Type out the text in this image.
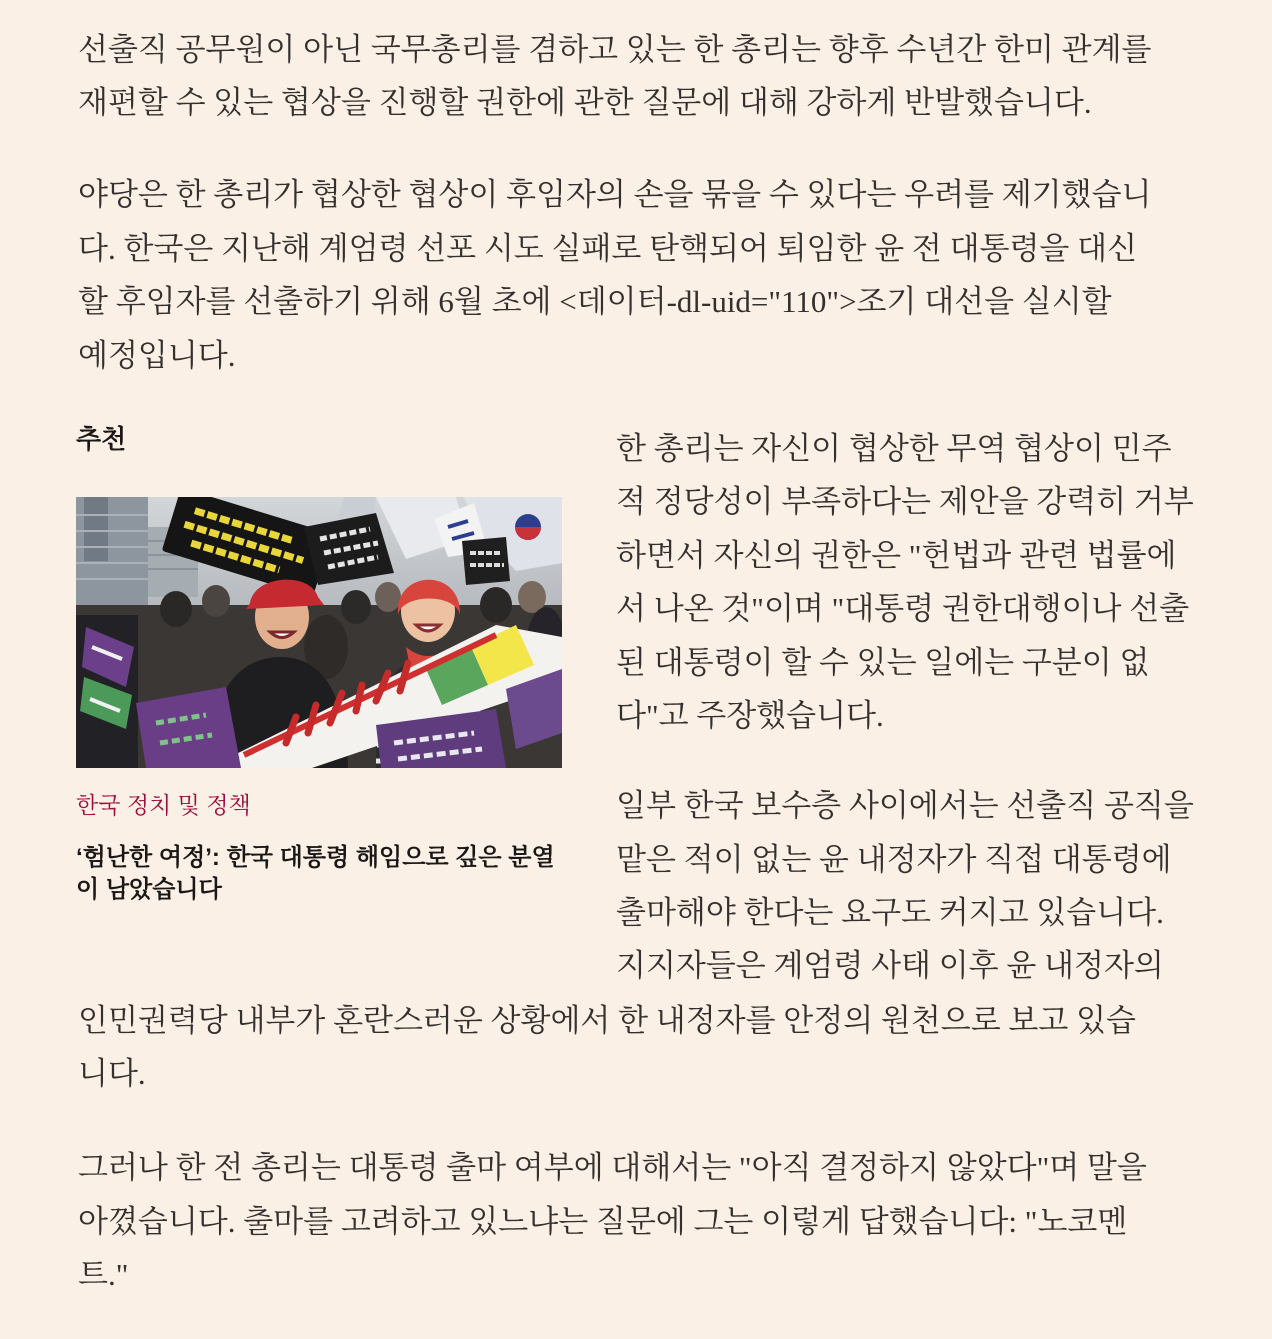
선출직 공무원이 아닌 국무총리를 겸하고 있는 한 총리는 향후 수년간 한미 관계를
재편할 수 있는 협상을 진행할 권한에 관한 질문에 대해 강하게 반발했습니다.
야당은 한 총리가 협상한 협상이 후임자의 손을 묶을 수 있다는 우려를 제기했습니
다. 한국은 지난해 계엄령 선포 시도 실패로 탄핵되어 퇴임한 윤 전 대통령을 대신
할 후임자를 선출하기 위해 6월 초에 <데이터-dl-uid="110">조기 대선을 실시할
예정입니다.
추천
한국 정치 및 정책
‘험난한 여정’: 한국 대통령 해임으로 깊은 분열이 남았습니다
한 총리는 자신이 협상한 무역 협상이 민주
적 정당성이 부족하다는 제안을 강력히 거부
하면서 자신의 권한은 "헌법과 관련 법률에
서 나온 것"이며 "대통령 권한대행이나 선출
된 대통령이 할 수 있는 일에는 구분이 없
다"고 주장했습니다.
일부 한국 보수층 사이에서는 선출직 공직을
맡은 적이 없는 윤 내정자가 직접 대통령에
출마해야 한다는 요구도 커지고 있습니다.
지지자들은 계엄령 사태 이후 윤 내정자의
인민권력당 내부가 혼란스러운 상황에서 한 내정자를 안정의 원천으로 보고 있습
니다.
그러나 한 전 총리는 대통령 출마 여부에 대해서는 "아직 결정하지 않았다"며 말을
아꼈습니다. 출마를 고려하고 있느냐는 질문에 그는 이렇게 답했습니다: "노코멘
트."
